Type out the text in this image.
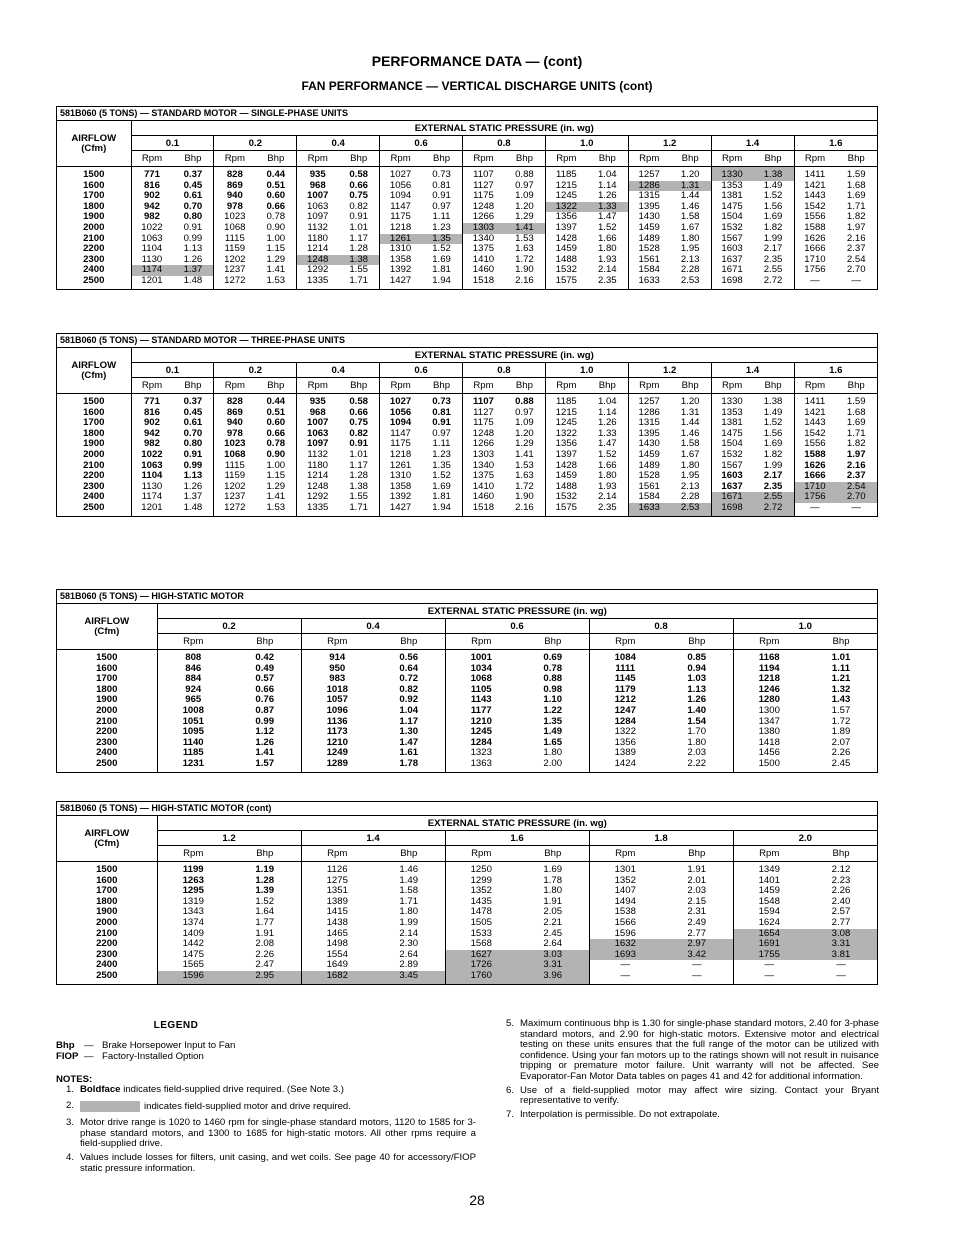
PERFORMANCE DATA — (cont)
FAN PERFORMANCE — VERTICAL DISCHARGE UNITS (cont)
581B060 (5 TONS) — STANDARD MOTOR — SINGLE-PHASE UNITS
AIRFLOW
(Cfm)	EXTERNAL STATIC PRESSURE (in. wg)																	
	0.1		0.2		0.4		0.6		0.8		1.0		1.2		1.4		1.6	
	Rpm	Bhp	Rpm	Bhp	Rpm	Bhp	Rpm	Bhp	Rpm	Bhp	Rpm	Bhp	Rpm	Bhp	Rpm	Bhp	Rpm	Bhp
1500	771	0.37	828	0.44	935	0.58	1027	0.73	1107	0.88	1185	1.04	1257	1.20	1330	1.38	1411	1.59
1600	816	0.45	869	0.51	968	0.66	1056	0.81	1127	0.97	1215	1.14	1286	1.31	1353	1.49	1421	1.68
1700	902	0.61	940	0.60	1007	0.75	1094	0.91	1175	1.09	1245	1.26	1315	1.44	1381	1.52	1443	1.69
1800	942	0.70	978	0.66	1063	0.82	1147	0.97	1248	1.20	1322	1.33	1395	1.46	1475	1.56	1542	1.71
1900	982	0.80	1023	0.78	1097	0.91	1175	1.11	1266	1.29	1356	1.47	1430	1.58	1504	1.69	1556	1.82
2000	1022	0.91	1068	0.90	1132	1.01	1218	1.23	1303	1.41	1397	1.52	1459	1.67	1532	1.82	1588	1.97
2100	1063	0.99	1115	1.00	1180	1.17	1261	1.35	1340	1.53	1428	1.66	1489	1.80	1567	1.99	1626	2.16
2200	1104	1.13	1159	1.15	1214	1.28	1310	1.52	1375	1.63	1459	1.80	1528	1.95	1603	2.17	1666	2.37
2300	1130	1.26	1202	1.29	1248	1.38	1358	1.69	1410	1.72	1488	1.93	1561	2.13	1637	2.35	1710	2.54
2400	1174	1.37	1237	1.41	1292	1.55	1392	1.81	1460	1.90	1532	2.14	1584	2.28	1671	2.55	1756	2.70
2500	1201	1.48	1272	1.53	1335	1.71	1427	1.94	1518	2.16	1575	2.35	1633	2.53	1698	2.72	—	—
581B060 (5 TONS) — STANDARD MOTOR — THREE-PHASE UNITS
AIRFLOW
(Cfm)	EXTERNAL STATIC PRESSURE (in. wg)																	
	0.1		0.2		0.4		0.6		0.8		1.0		1.2		1.4		1.6	
	Rpm	Bhp	Rpm	Bhp	Rpm	Bhp	Rpm	Bhp	Rpm	Bhp	Rpm	Bhp	Rpm	Bhp	Rpm	Bhp	Rpm	Bhp
1500	771	0.37	828	0.44	935	0.58	1027	0.73	1107	0.88	1185	1.04	1257	1.20	1330	1.38	1411	1.59
1600	816	0.45	869	0.51	968	0.66	1056	0.81	1127	0.97	1215	1.14	1286	1.31	1353	1.49	1421	1.68
1700	902	0.61	940	0.60	1007	0.75	1094	0.91	1175	1.09	1245	1.26	1315	1.44	1381	1.52	1443	1.69
1800	942	0.70	978	0.66	1063	0.82	1147	0.97	1248	1.20	1322	1.33	1395	1.46	1475	1.56	1542	1.71
1900	982	0.80	1023	0.78	1097	0.91	1175	1.11	1266	1.29	1356	1.47	1430	1.58	1504	1.69	1556	1.82
2000	1022	0.91	1068	0.90	1132	1.01	1218	1.23	1303	1.41	1397	1.52	1459	1.67	1532	1.82	1588	1.97
2100	1063	0.99	1115	1.00	1180	1.17	1261	1.35	1340	1.53	1428	1.66	1489	1.80	1567	1.99	1626	2.16
2200	1104	1.13	1159	1.15	1214	1.28	1310	1.52	1375	1.63	1459	1.80	1528	1.95	1603	2.17	1666	2.37
2300	1130	1.26	1202	1.29	1248	1.38	1358	1.69	1410	1.72	1488	1.93	1561	2.13	1637	2.35	1710	2.54
2400	1174	1.37	1237	1.41	1292	1.55	1392	1.81	1460	1.90	1532	2.14	1584	2.28	1671	2.55	1756	2.70
2500	1201	1.48	1272	1.53	1335	1.71	1427	1.94	1518	2.16	1575	2.35	1633	2.53	1698	2.72	—	—
581B060 (5 TONS) — HIGH-STATIC MOTOR
AIRFLOW
(Cfm)	EXTERNAL STATIC PRESSURE (in. wg)									
	0.2		0.4		0.6		0.8		1.0	
	Rpm	Bhp	Rpm	Bhp	Rpm	Bhp	Rpm	Bhp	Rpm	Bhp
1500	808	0.42	914	0.56	1001	0.69	1084	0.85	1168	1.01
1600	846	0.49	950	0.64	1034	0.78	1111	0.94	1194	1.11
1700	884	0.57	983	0.72	1068	0.88	1145	1.03	1218	1.21
1800	924	0.66	1018	0.82	1105	0.98	1179	1.13	1246	1.32
1900	965	0.76	1057	0.92	1143	1.10	1212	1.26	1280	1.43
2000	1008	0.87	1096	1.04	1177	1.22	1247	1.40	1300	1.57
2100	1051	0.99	1136	1.17	1210	1.35	1284	1.54	1347	1.72
2200	1095	1.12	1173	1.30	1245	1.49	1322	1.70	1380	1.89
2300	1140	1.26	1210	1.47	1284	1.65	1356	1.80	1418	2.07
2400	1185	1.41	1249	1.61	1323	1.80	1389	2.03	1456	2.26
2500	1231	1.57	1289	1.78	1363	2.00	1424	2.22	1500	2.45
581B060 (5 TONS) — HIGH-STATIC MOTOR (cont)
AIRFLOW
(Cfm)	EXTERNAL STATIC PRESSURE (in. wg)									
	1.2		1.4		1.6		1.8		2.0	
	Rpm	Bhp	Rpm	Bhp	Rpm	Bhp	Rpm	Bhp	Rpm	Bhp
1500	1199	1.19	1126	1.46	1250	1.69	1301	1.91	1349	2.12
1600	1263	1.28	1275	1.49	1299	1.78	1352	2.01	1401	2.23
1700	1295	1.39	1351	1.58	1352	1.80	1407	2.03	1459	2.26
1800	1319	1.52	1389	1.71	1435	1.91	1494	2.15	1548	2.40
1900	1343	1.64	1415	1.80	1478	2.05	1538	2.31	1594	2.57
2000	1374	1.77	1438	1.99	1505	2.21	1566	2.49	1624	2.77
2100	1409	1.91	1465	2.14	1533	2.45	1596	2.77	1654	3.08
2200	1442	2.08	1498	2.30	1568	2.64	1632	2.97	1691	3.31
2300	1475	2.26	1554	2.64	1627	3.03	1693	3.42	1755	3.81
2400	1565	2.47	1649	2.89	1726	3.31	—	—	—	—
2500	1596	2.95	1682	3.45	1760	3.96	—	—	—	—
LEGEND
Bhp — Brake Horsepower Input to Fan
FIOP — Factory-Installed Option
NOTES:
1. Boldface indicates field-supplied drive required. (See Note 3.)
2.	indicates field-supplied motor and drive required.
3. Motor drive range is 1020 to 1460 rpm for single-phase standard motors, 1120 to 1585 for 3-phase standard motors, and 1300 to 1685 for high-static motors. All other rpms require a field-supplied drive.
4. Values include losses for filters, unit casing, and wet coils. See page 40 for accessory/FIOP static pressure information.
5. Maximum continuous bhp is 1.30 for single-phase standard motors, 2.40 for 3-phase standard motors, and 2.90 for high-static motors. Extensive motor and electrical testing on these units ensures that the full range of the motor can be utilized with confidence. Using your fan motors up to the ratings shown will not result in nuisance tripping or premature motor failure. Unit warranty will not be affected. See Evaporator-Fan Motor Data tables on pages 41 and 42 for additional information.
6. Use of a field-supplied motor may affect wire sizing. Contact your Bryant representative to verify.
7. Interpolation is permissible. Do not extrapolate.
28
